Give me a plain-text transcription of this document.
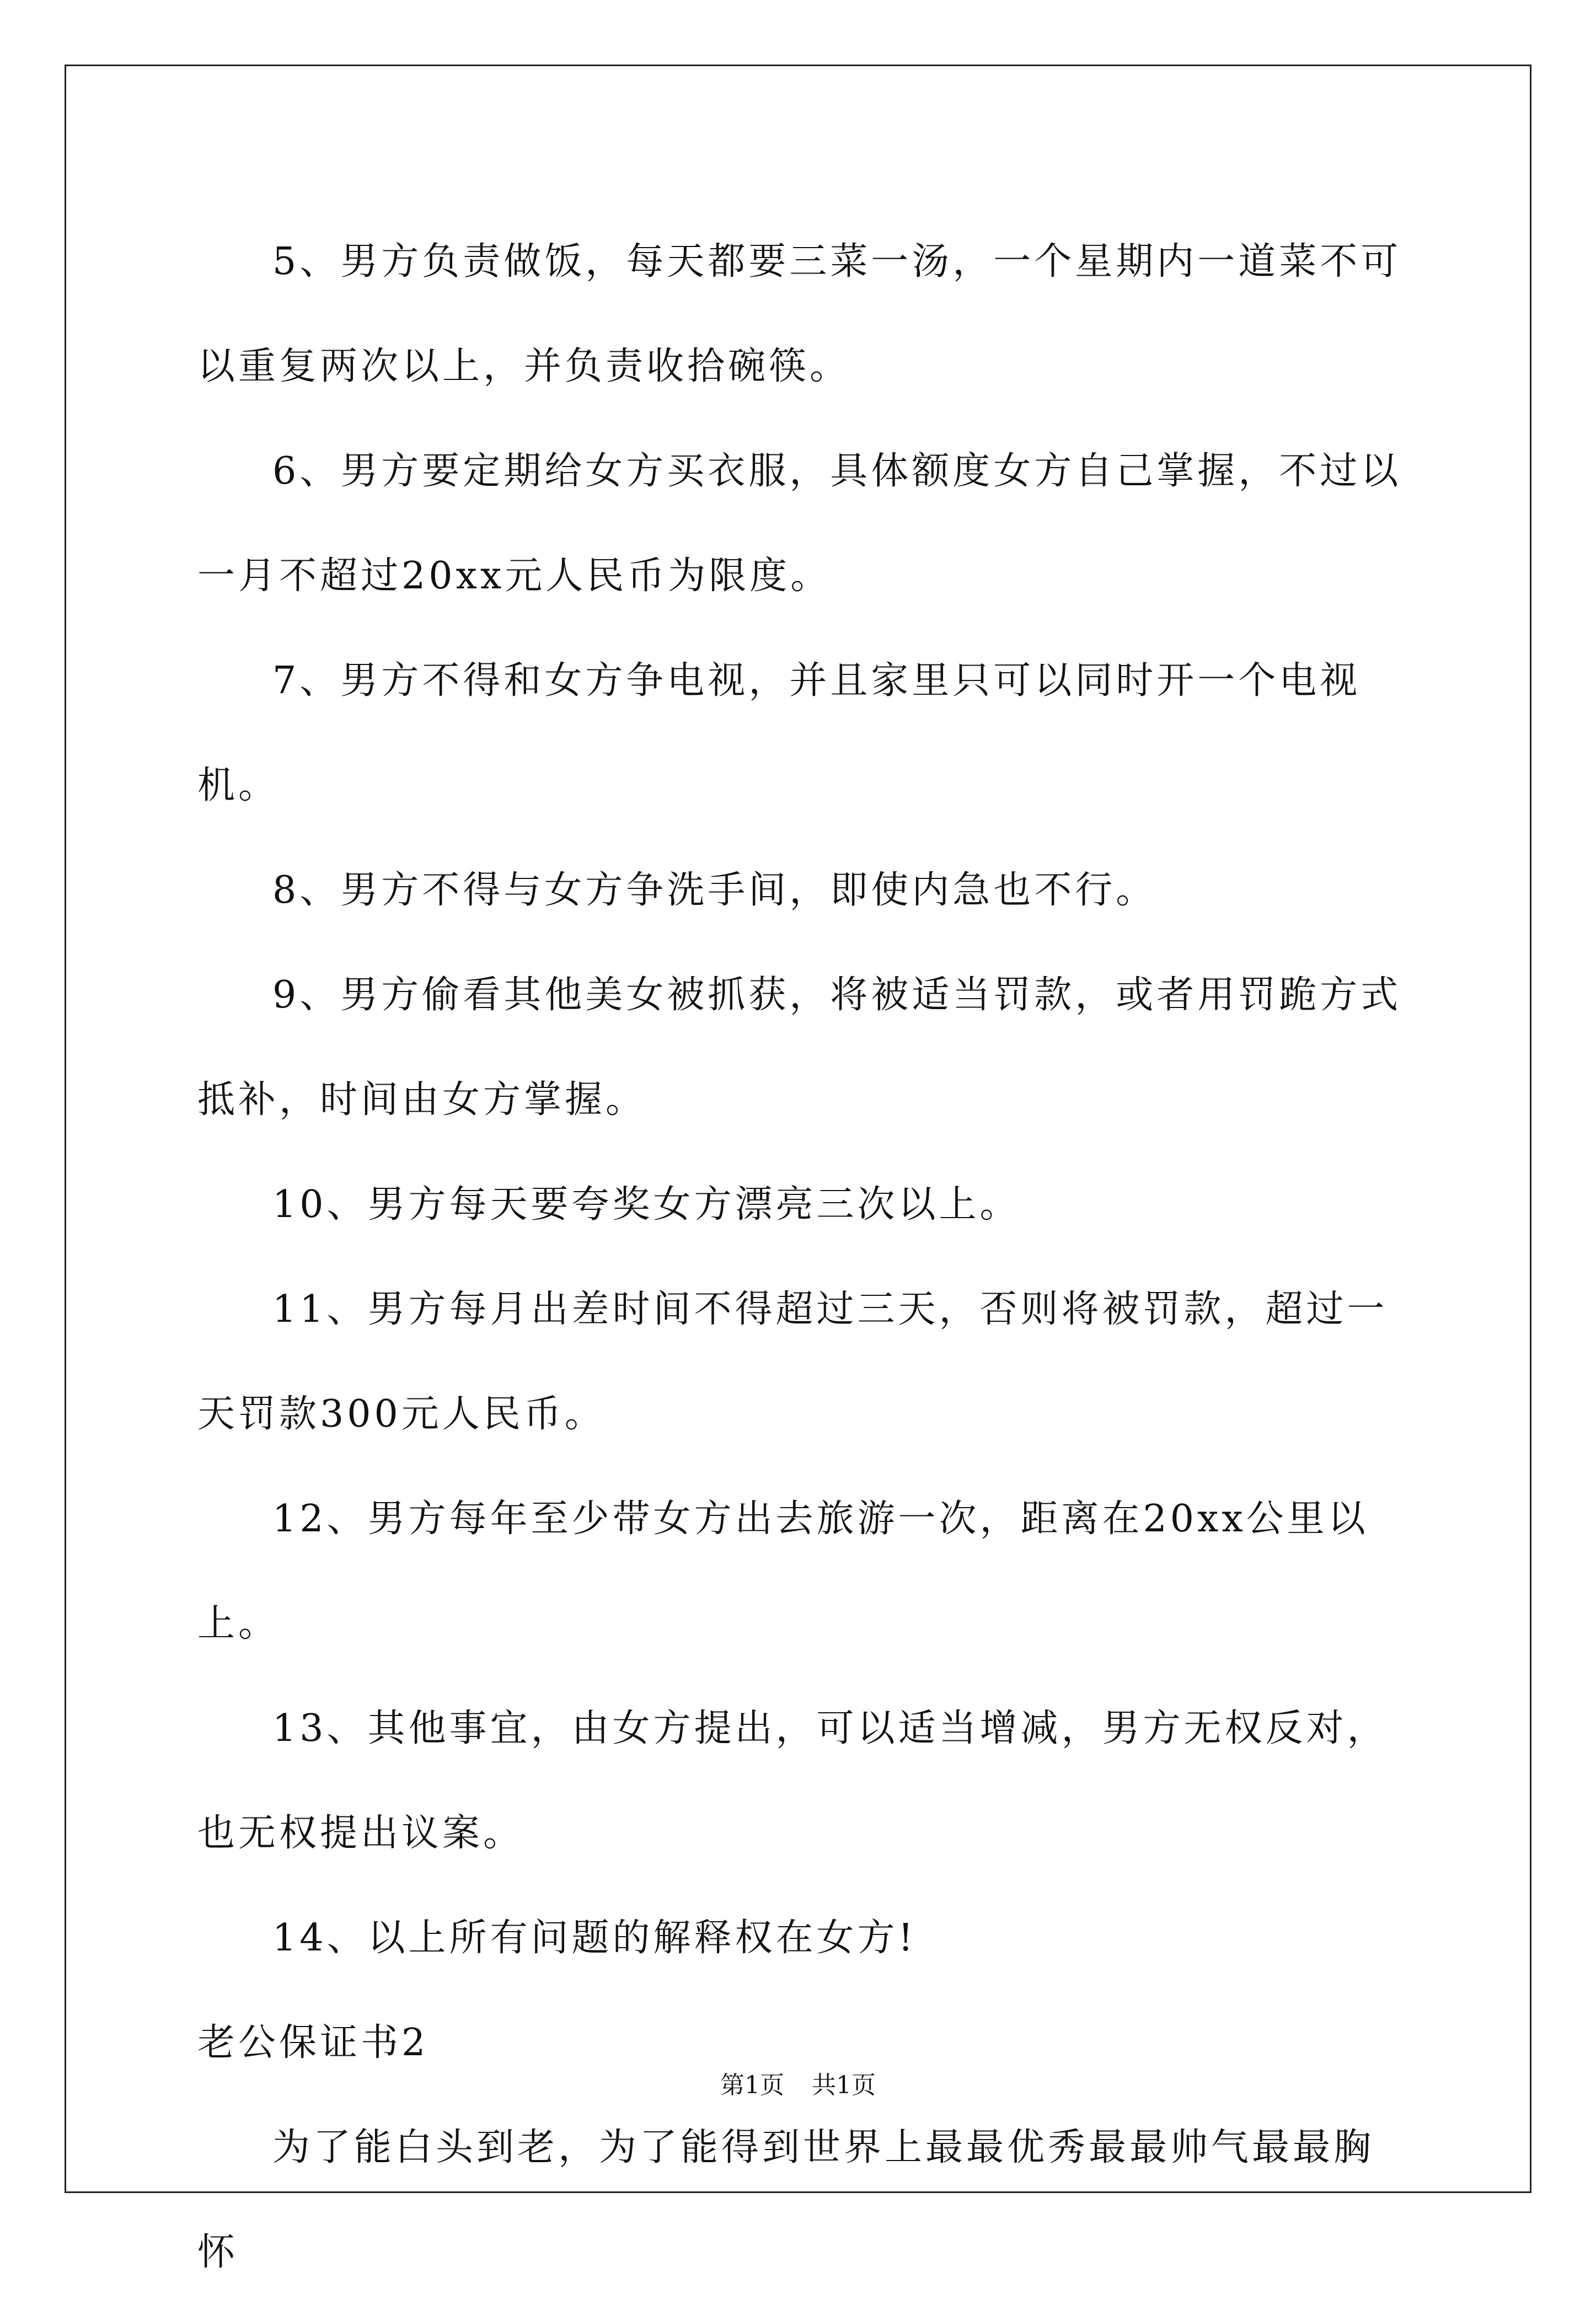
5、男方负责做饭，每天都要三菜一汤，一个星期内一道菜不可以重复两次以上，并负责收拾碗筷。

6、男方要定期给女方买衣服，具体额度女方自己掌握，不过以一月不超过20xx元人民币为限度。

7、男方不得和女方争电视，并且家里只可以同时开一个电视机。

8、男方不得与女方争洗手间，即使内急也不行。

9、男方偷看其他美女被抓获，将被适当罚款，或者用罚跪方式抵补，时间由女方掌握。

10、男方每天要夸奖女方漂亮三次以上。

11、男方每月出差时间不得超过三天，否则将被罚款，超过一天罚款300元人民币。

12、男方每年至少带女方出去旅游一次，距离在20xx公里以上。

13、其他事宜，由女方提出，可以适当增减，男方无权反对，也无权提出议案。

14、以上所有问题的解释权在女方!

老公保证书2

为了能白头到老，为了能得到世界上最最优秀最最帅气最最胸怀

第1页 共1页
